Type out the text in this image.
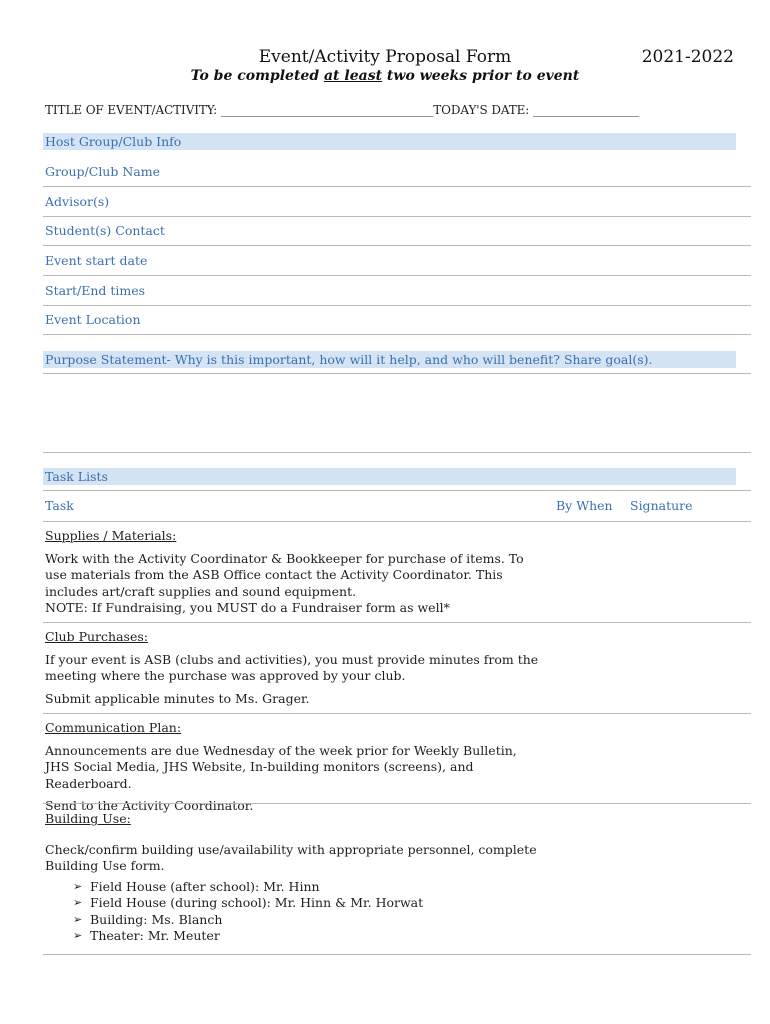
Event/Activity Proposal Form	2021-2022
To be completed at least two weeks prior to event
TITLE OF EVENT/ACTIVITY: ____________________________________TODAY'S DATE: __________________
Host Group/Club Info
Group/Club Name
Advisor(s)
Student(s) Contact
Event start date
Start/End times
Event Location
Purpose Statement- Why is this important, how will it help, and who will benefit? Share goal(s).
Task Lists
Task	By When Signature
Supplies / Materials:

Work with the Activity Coordinator & Bookkeeper for purchase of items. To use materials from the ASB Office contact the Activity Coordinator. This includes art/craft supplies and sound equipment.

NOTE: If Fundraising, you MUST do a Fundraiser form as well*

Club Purchases:

If your event is ASB (clubs and activities), you must provide minutes from the meeting where the purchase was approved by your club.

Submit applicable minutes to Ms. Grager.

Communication Plan:

Announcements are due Wednesday of the week prior for Weekly Bulletin, JHS Social Media, JHS Website, In-building monitors (screens), and Readerboard.

Send to the Activity Coordinator.

Building Use:

Check/confirm building use/availability with appropriate personnel, complete Building Use form.

➢ Field House (after school): Mr. Hinn
➢ Field House (during school): Mr. Hinn & Mr. Horwat
➢ Building: Ms. Blanch
➢ Theater: Mr. Meuter
